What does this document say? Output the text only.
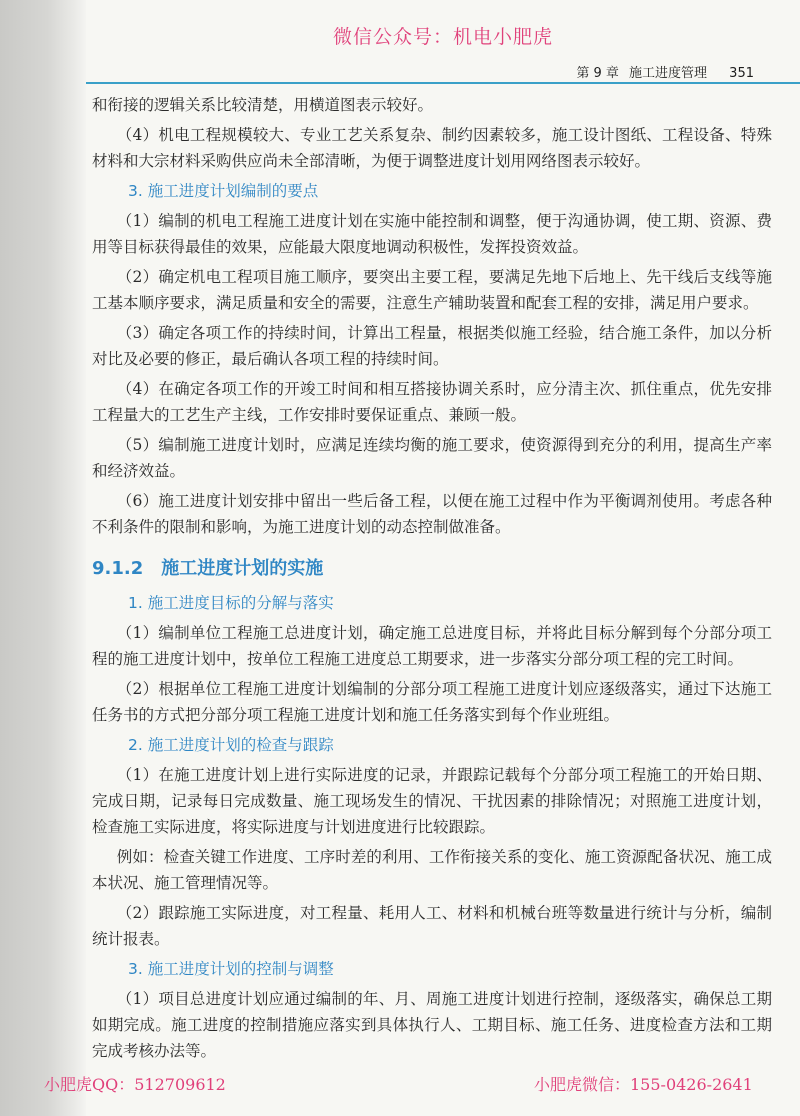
微信公众号：机电小肥虎
第 9 章 施工进度管理 351

和衔接的逻辑关系比较清楚，用横道图表示较好。

（4）机电工程规模较大、专业工艺关系复杂、制约因素较多，施工设计图纸、工程设备、特殊材料和大宗材料采购供应尚未全部清晰，为便于调整进度计划用网络图表示较好。

3. 施工进度计划编制的要点

（1）编制的机电工程施工进度计划在实施中能控制和调整，便于沟通协调，使工期、资源、费用等目标获得最佳的效果，应能最大限度地调动积极性，发挥投资效益。

（2）确定机电工程项目施工顺序，要突出主要工程，要满足先地下后地上、先干线后支线等施工基本顺序要求，满足质量和安全的需要，注意生产辅助装置和配套工程的安排，满足用户要求。

（3）确定各项工作的持续时间，计算出工程量，根据类似施工经验，结合施工条件，加以分析对比及必要的修正，最后确认各项工程的持续时间。

（4）在确定各项工作的开竣工时间和相互搭接协调关系时，应分清主次、抓住重点，优先安排工程量大的工艺生产主线，工作安排时要保证重点、兼顾一般。

（5）编制施工进度计划时，应满足连续均衡的施工要求，使资源得到充分的利用，提高生产率和经济效益。

（6）施工进度计划安排中留出一些后备工程，以便在施工过程中作为平衡调剂使用。考虑各种不利条件的限制和影响，为施工进度计划的动态控制做准备。

9.1.2 施工进度计划的实施
1. 施工进度目标的分解与落实

（1）编制单位工程施工总进度计划，确定施工总进度目标，并将此目标分解到每个分部分项工程的施工进度计划中，按单位工程施工进度总工期要求，进一步落实分部分项工程的完工时间。

（2）根据单位工程施工进度计划编制的分部分项工程施工进度计划应逐级落实，通过下达施工任务书的方式把分部分项工程施工进度计划和施工任务落实到每个作业班组。

2. 施工进度计划的检查与跟踪

（1）在施工进度计划上进行实际进度的记录，并跟踪记载每个分部分项工程施工的开始日期、完成日期，记录每日完成数量、施工现场发生的情况、干扰因素的排除情况；对照施工进度计划，检查施工实际进度，将实际进度与计划进度进行比较跟踪。

例如：检查关键工作进度、工序时差的利用、工作衔接关系的变化、施工资源配备状况、施工成本状况、施工管理情况等。

（2）跟踪施工实际进度，对工程量、耗用人工、材料和机械台班等数量进行统计与分析，编制统计报表。

3. 施工进度计划的控制与调整

（1）项目总进度计划应通过编制的年、月、周施工进度计划进行控制，逐级落实，确保总工期如期完成。施工进度的控制措施应落实到具体执行人、工期目标、施工任务、进度检查方法和工期完成考核办法等。

小肥虎QQ：512709612	小肥虎微信：155-0426-2641
